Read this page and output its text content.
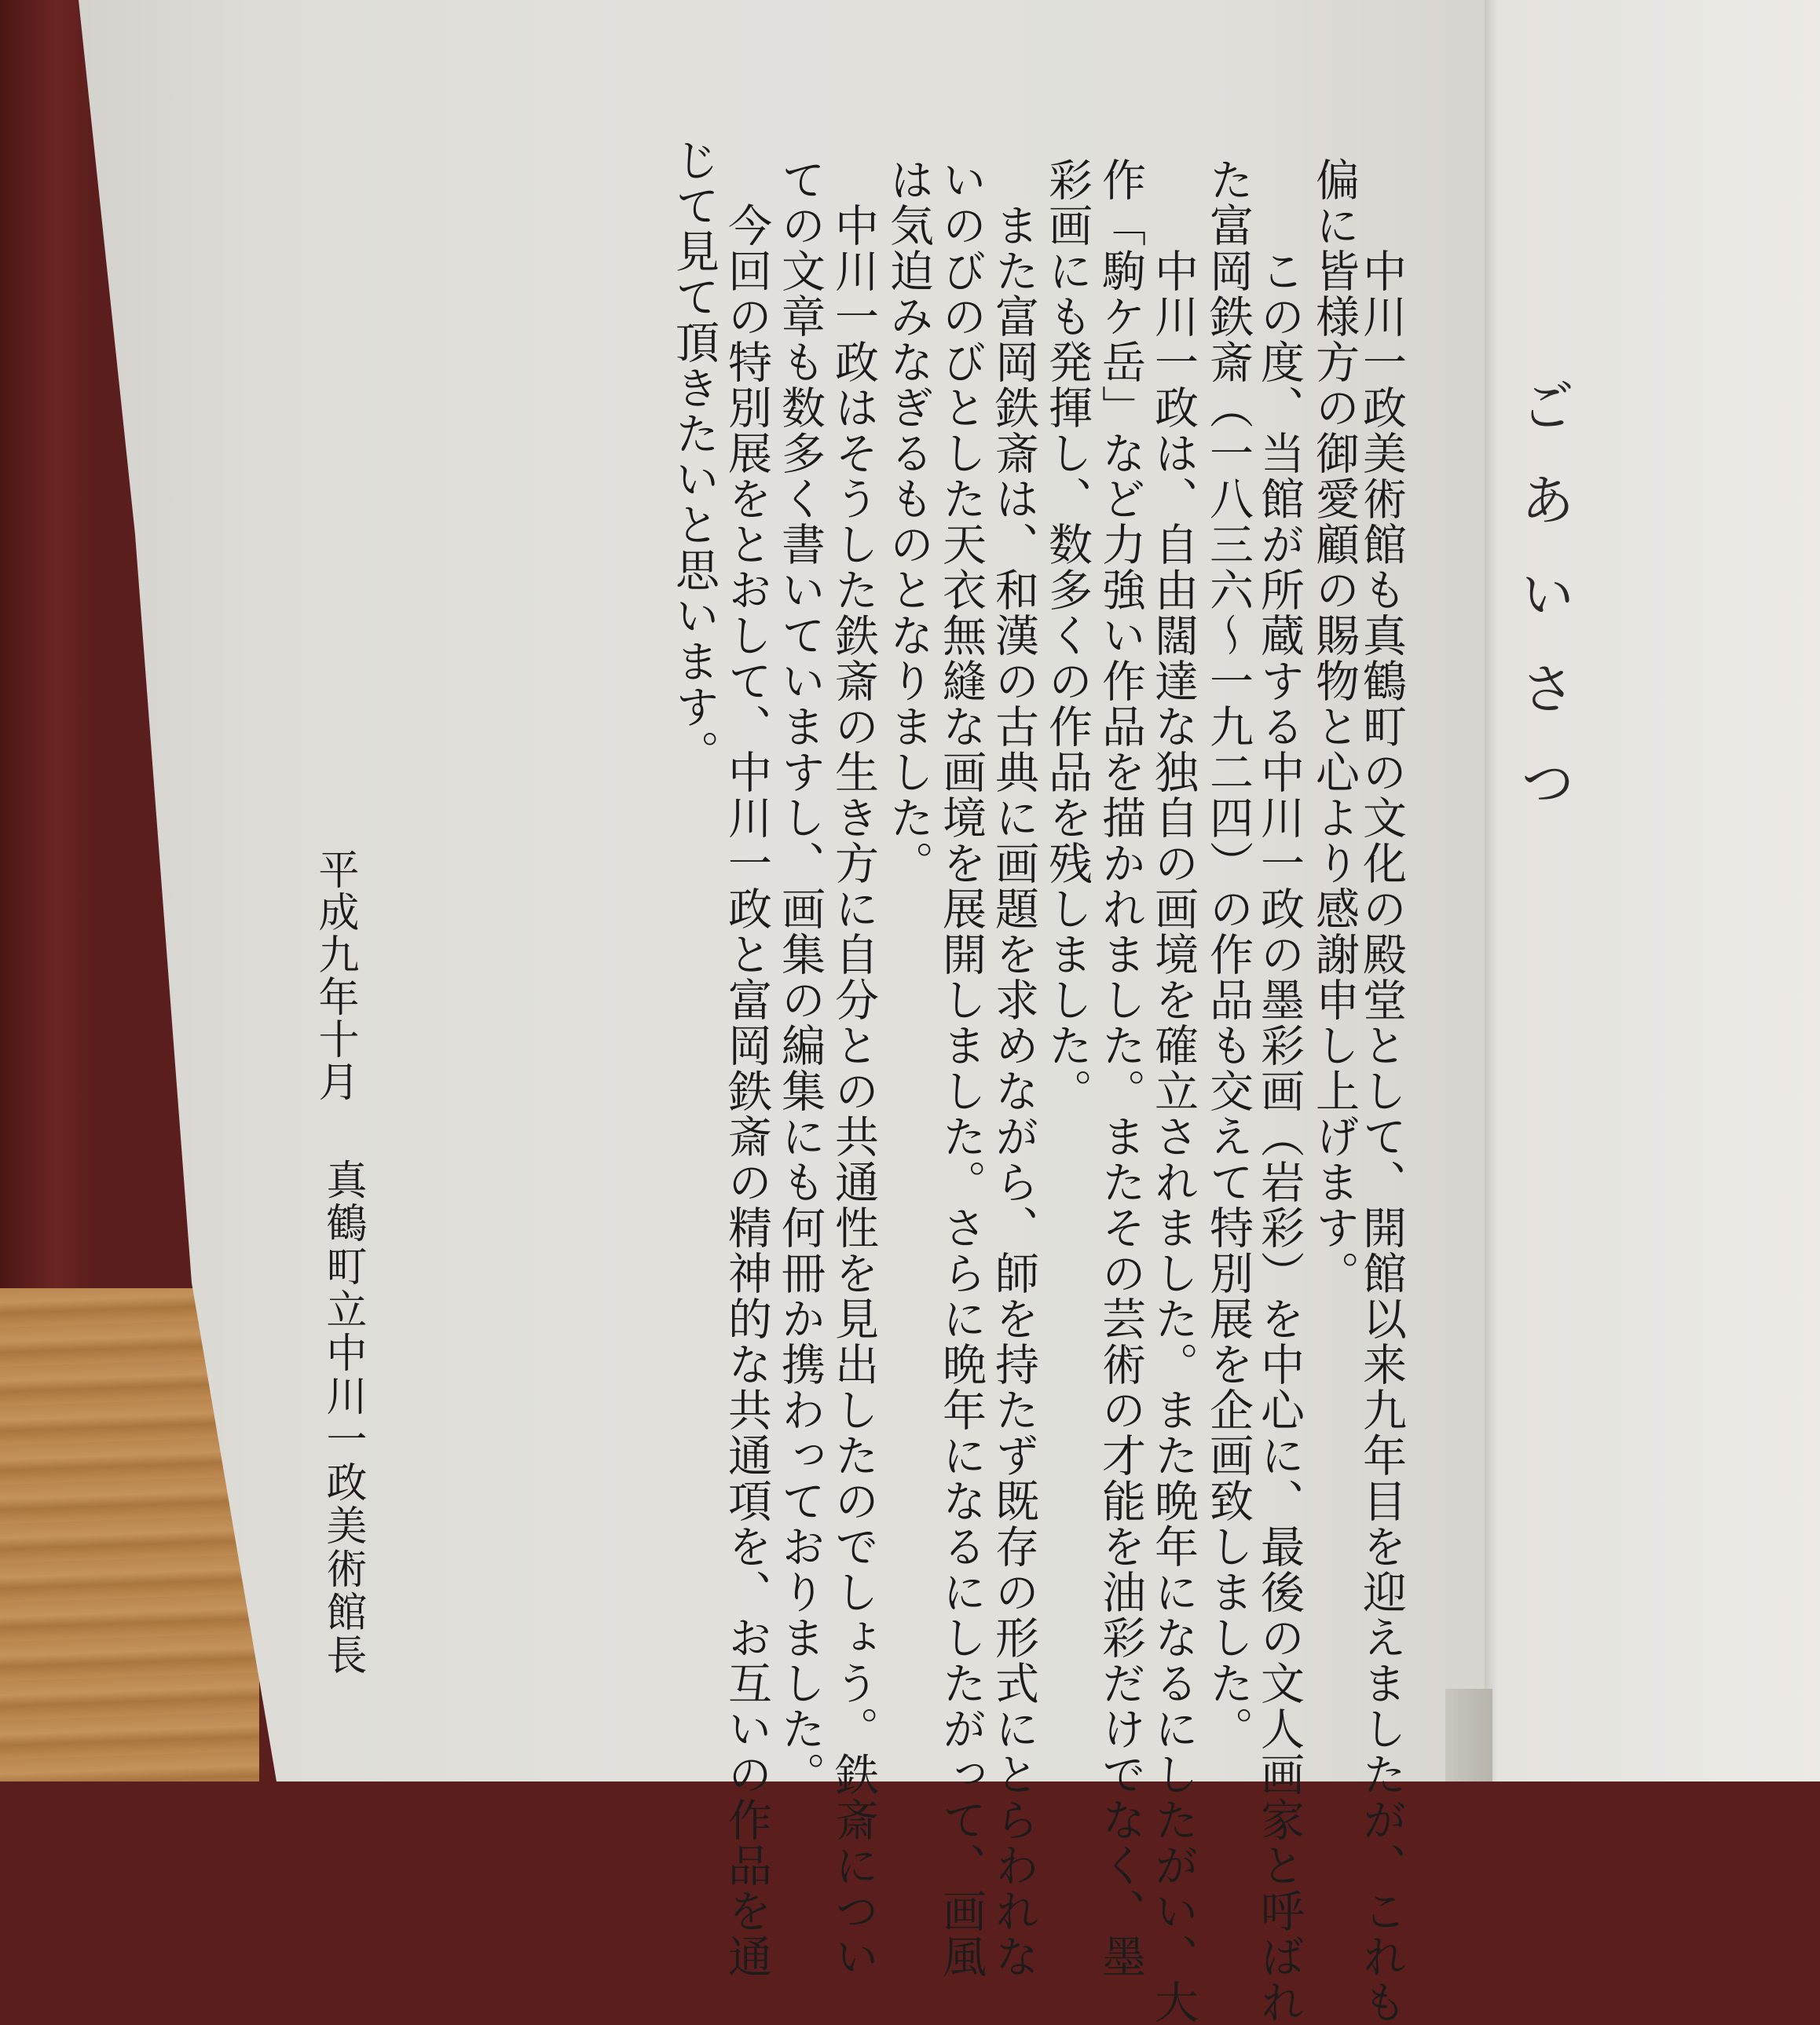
ごあいさつ
　中川一政美術館も真鶴町の文化の殿堂として、開館以来九年目を迎えましたが、これも
偏に皆様方の御愛顧の賜物と心より感謝申し上げます。
　この度、当館が所蔵する中川一政の墨彩画（岩彩）を中心に、最後の文人画家と呼ばれ
た富岡鉄斎（一八三六～一九二四）の作品も交えて特別展を企画致しました。
　中川一政は、自由闊達な独自の画境を確立されました。また晩年になるにしたがい、大
作「駒ケ岳」など力強い作品を描かれました。またその芸術の才能を油彩だけでなく、墨
彩画にも発揮し、数多くの作品を残しました。
　また富岡鉄斎は、和漢の古典に画題を求めながら、師を持たず既存の形式にとらわれな
いのびのびとした天衣無縫な画境を展開しました。さらに晩年になるにしたがって、画風
は気迫みなぎるものとなりました。
　中川一政はそうした鉄斎の生き方に自分との共通性を見出したのでしょう。鉄斎につい
ての文章も数多く書いていますし、画集の編集にも何冊か携わっておりました。
　今回の特別展をとおして、中川一政と富岡鉄斎の精神的な共通項を、お互いの作品を通
じて見て頂きたいと思います。
平成九年十月
真鶴町立中川一政美術館長
